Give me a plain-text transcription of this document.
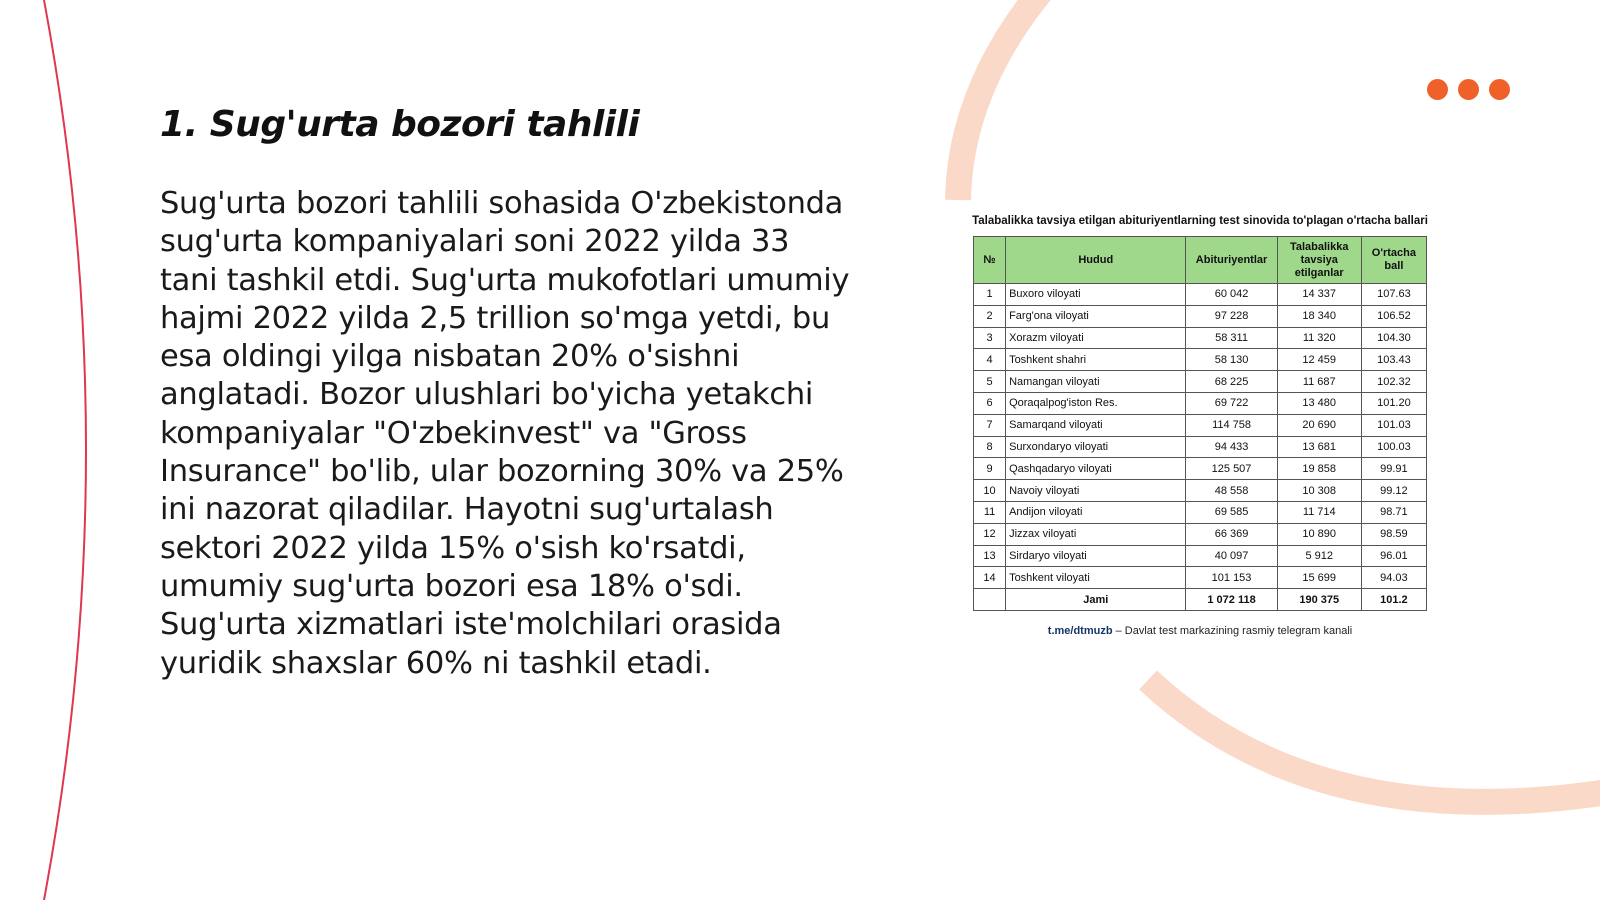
1. Sug'urta bozori tahlili

Sug'urta bozori tahlili sohasida O'zbekistonda sug'urta kompaniyalari soni 2022 yilda 33 tani tashkil etdi. Sug'urta mukofotlari umumiy hajmi 2022 yilda 2,5 trillion so'mga yetdi, bu esa oldingi yilga nisbatan 20% o'sishni anglatadi. Bozor ulushlari bo'yicha yetakchi kompaniyalar "O'zbekinvest" va "Gross Insurance" bo'lib, ular bozorning 30% va 25% ini nazorat qiladilar. Hayotni sug'urtalash sektori 2022 yilda 15% o'sish ko'rsatdi, umumiy sug'urta bozori esa 18% o'sdi. Sug'urta xizmatlari iste'molchilari orasida yuridik shaxslar 60% ni tashkil etadi.

Talabalikka tavsiya etilgan abituriyentlarning test sinovida to'plagan o'rtacha ballari
№	Hudud	Abituriyentlar	Talabalikka tavsiya etilganlar	O'rtacha ball
1	Buxoro viloyati	60 042	14 337	107.63
2	Farg'ona viloyati	97 228	18 340	106.52
3	Xorazm viloyati	58 311	11 320	104.30
4	Toshkent shahri	58 130	12 459	103.43
5	Namangan viloyati	68 225	11 687	102.32
6	Qoraqalpog'iston Res.	69 722	13 480	101.20
7	Samarqand viloyati	114 758	20 690	101.03
8	Surxondaryo viloyati	94 433	13 681	100.03
9	Qashqadaryo viloyati	125 507	19 858	99.91
10	Navoiy viloyati	48 558	10 308	99.12
11	Andijon viloyati	69 585	11 714	98.71
12	Jizzax viloyati	66 369	10 890	98.59
13	Sirdaryo viloyati	40 097	5 912	96.01
14	Toshkent viloyati	101 153	15 699	94.03
	Jami	1 072 118	190 375	101.2
t.me/dtmuzb – Davlat test markazining rasmiy telegram kanali
